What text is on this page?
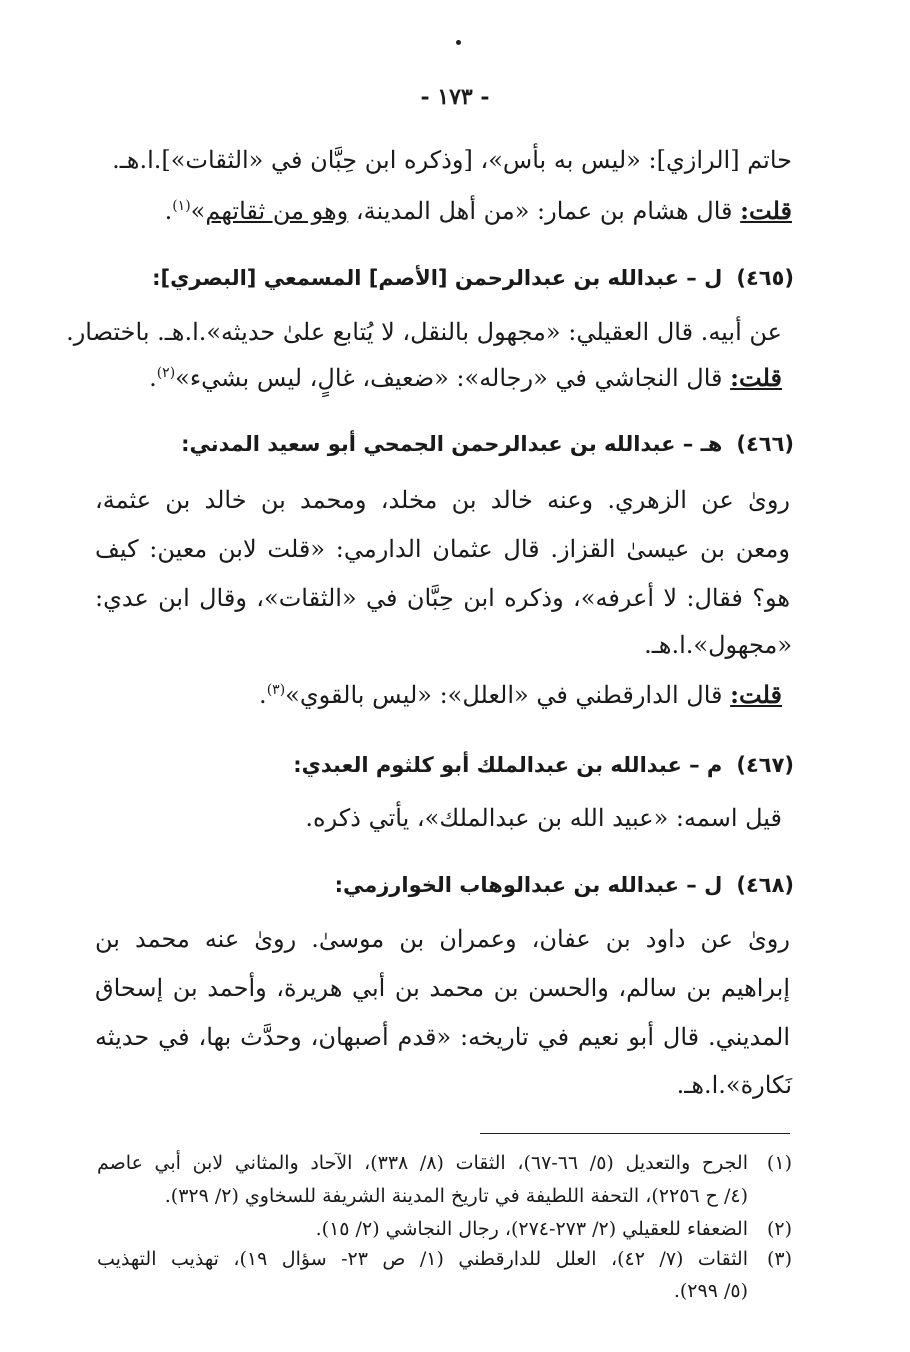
- ١٧٣ -
حاتم [الرازي]: «ليس به بأس»، [وذكره ابن حِبَّان في «الثقات»].ا.هـ.
قلت: قال هشام بن عمار: «من أهل المدينة، وهو من ثقاتهم»$^{(١)}$.
(٤٦٥)ل – عبدالله بن عبدالرحمن [الأصم] المسمعي [البصري]:
عن أبيه. قال العقيلي: «مجهول بالنقل، لا يُتابع علىٰ حديثه».ا.هـ. باختصار.
قلت: قال النجاشي في «رجاله»: «ضعيف، غالٍ، ليس بشيء»$^{(٢)}$.
(٤٦٦)هـ – عبدالله بن عبدالرحمن الجمحي أبو سعيد المدني:
روىٰ عن الزهري. وعنه خالد بن مخلد، ومحمد بن خالد بن عثمة،
ومعن بن عيسىٰ القزاز. قال عثمان الدارمي: «قلت لابن معين: كيف
هو؟ فقال: لا أعرفه»، وذكره ابن حِبَّان في «الثقات»، وقال ابن عدي:
«مجهول».ا.هـ.
قلت: قال الدارقطني في «العلل»: «ليس بالقوي»$^{(٣)}$.
(٤٦٧)م – عبدالله بن عبدالملك أبو كلثوم العبدي:
قيل اسمه: «عبيد الله بن عبدالملك»، يأتي ذكره.
(٤٦٨)ل – عبدالله بن عبدالوهاب الخوارزمي:
روىٰ عن داود بن عفان، وعمران بن موسىٰ. روىٰ عنه محمد بن
إبراهيم بن سالم، والحسن بن محمد بن أبي هريرة، وأحمد بن إسحاق
المديني. قال أبو نعيم في تاريخه: «قدم أصبهان، وحدَّث بها، في حديثه
نَكارة».ا.هـ.
(١)الجرح والتعديل (٥/ ٦٦-٦٧)، الثقات (٨/ ٣٣٨)، الآحاد والمثاني لابن أبي عاصم
(٤/ ح ٢٢٥٦)، التحفة اللطيفة في تاريخ المدينة الشريفة للسخاوي (٢/ ٣٢٩).
(٢)الضعفاء للعقيلي (٢/ ٢٧٣-٢٧٤)، رجال النجاشي (٢/ ١٥).
(٣)الثقات (٧/ ٤٢)، العلل للدارقطني (١/ ص ٢٣- سؤال ١٩)، تهذيب التهذيب
(٥/ ٢٩٩).
